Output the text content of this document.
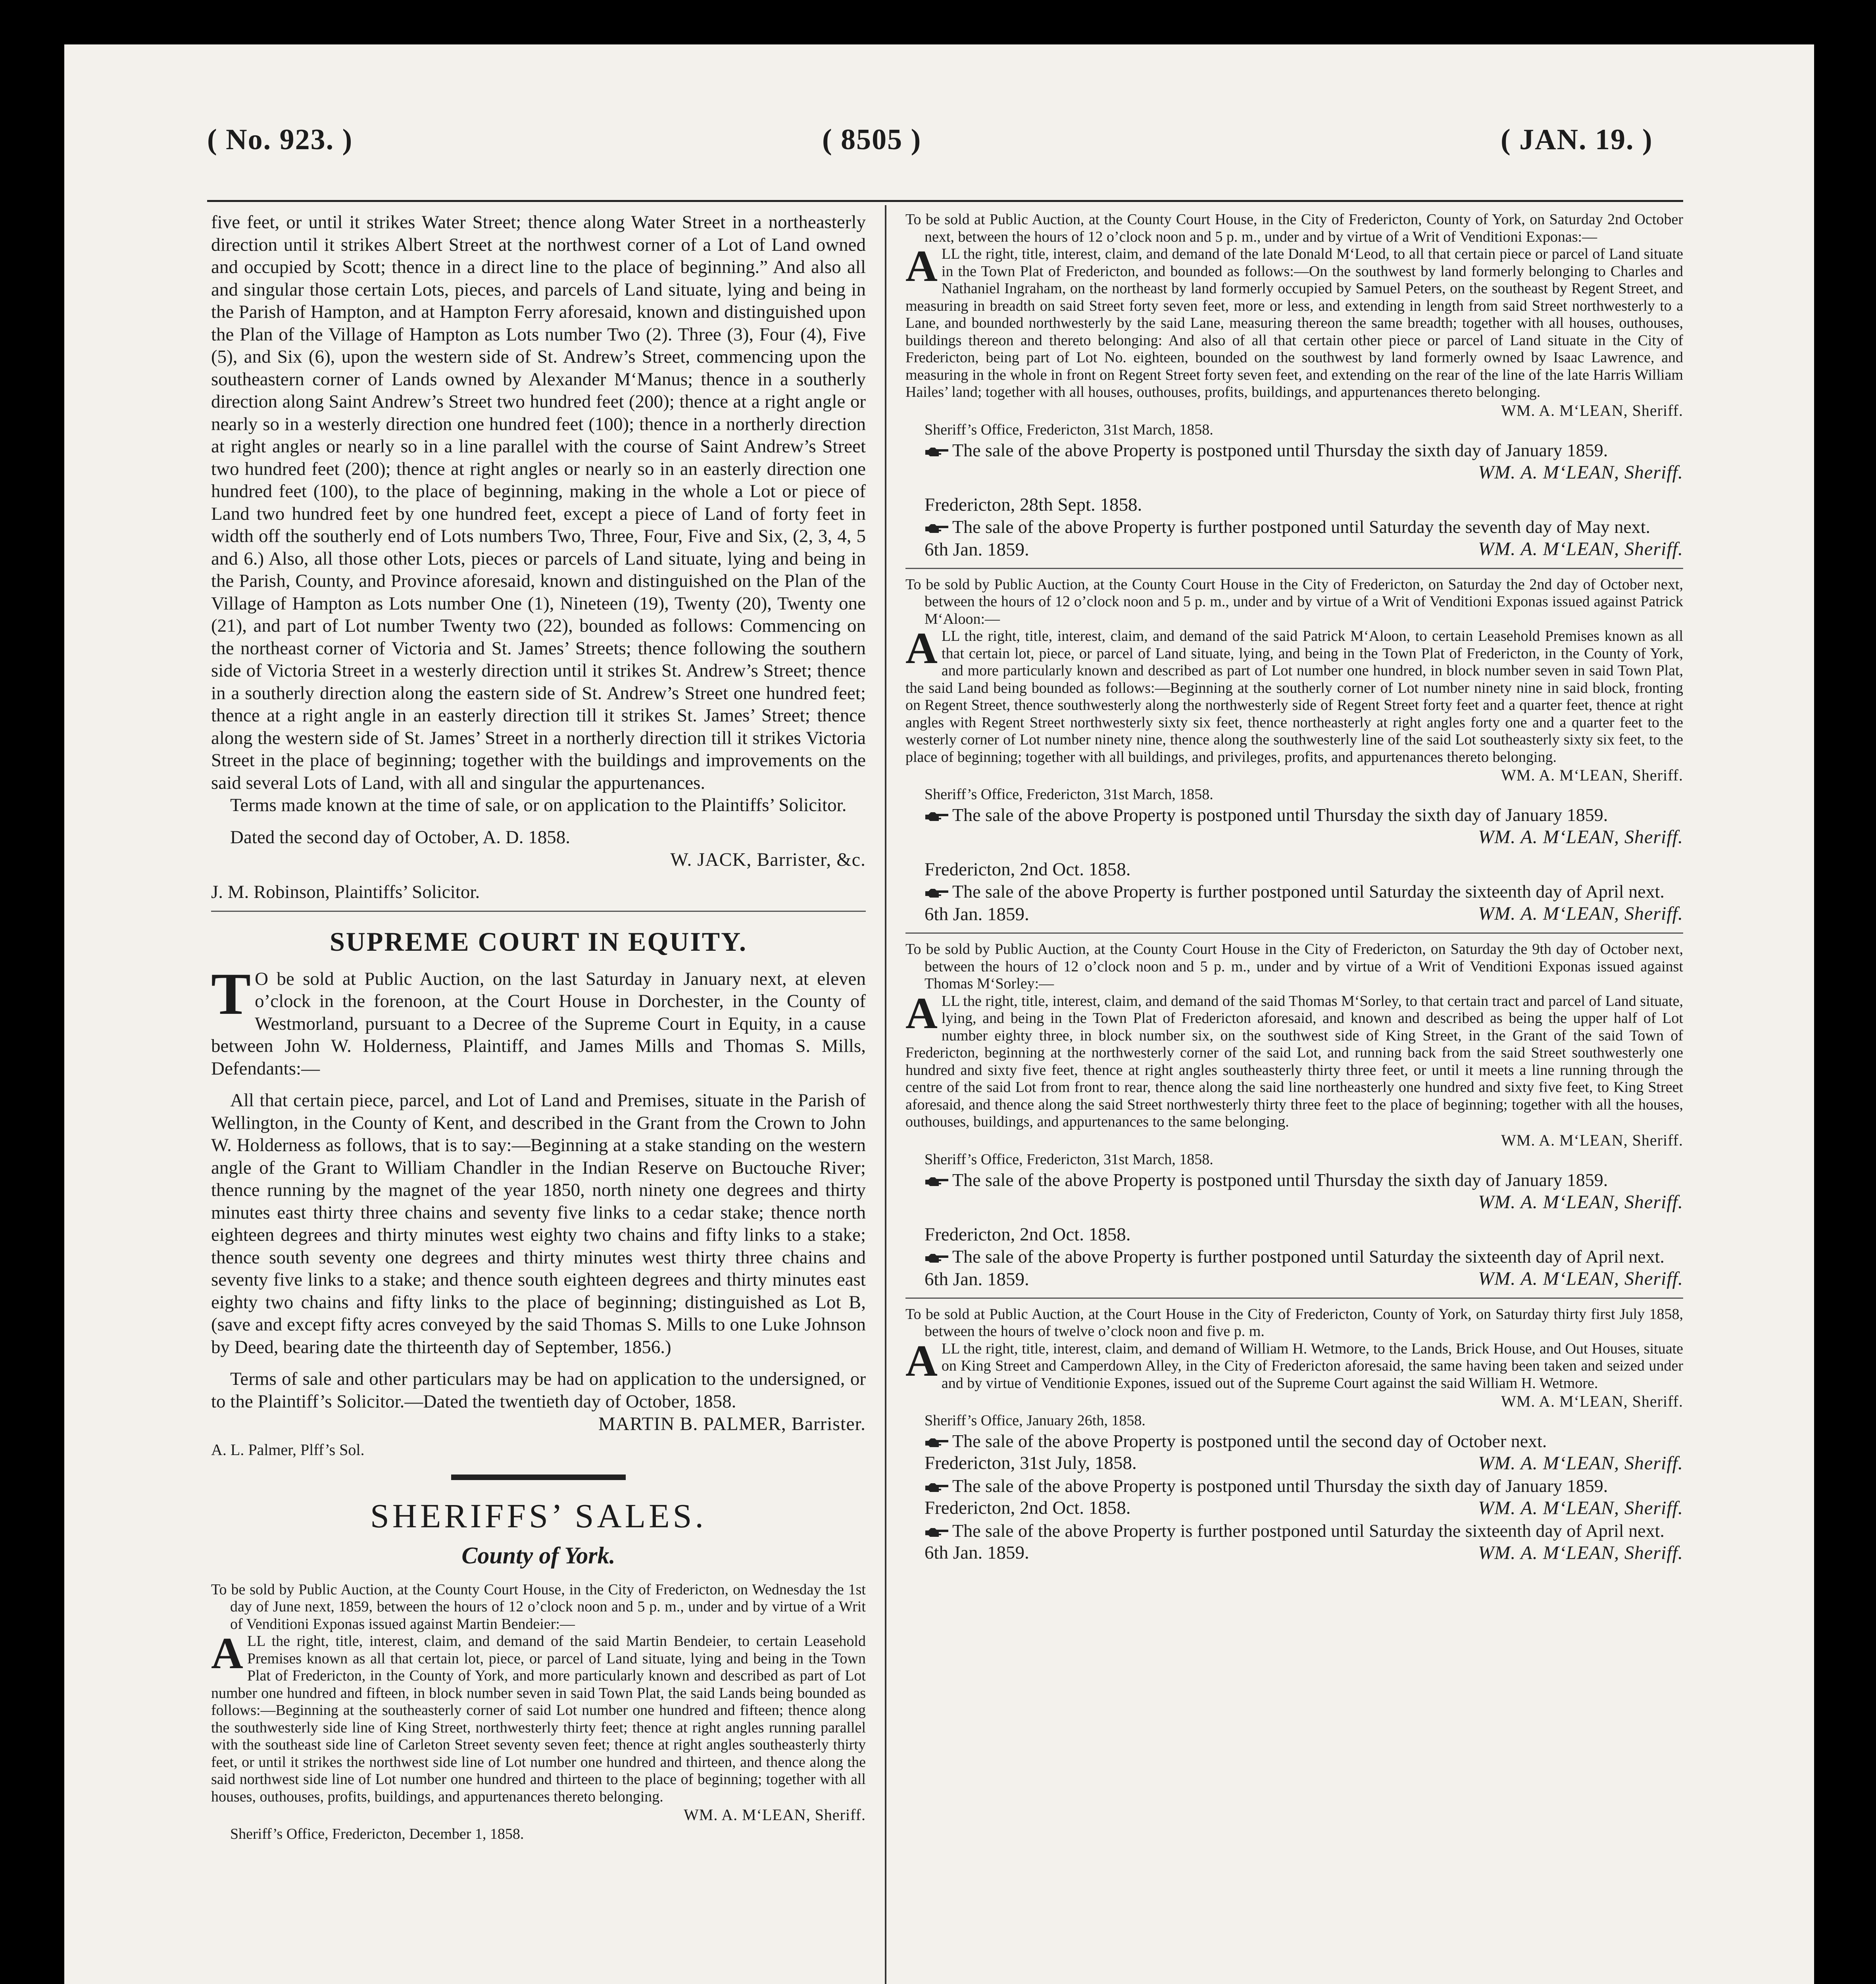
( No. 923. )	( 8505 )	( JAN. 19. )

five feet, or until it strikes Water Street; thence along Water Street in a northeasterly direction until it strikes Albert Street at the northwest corner of a Lot of Land owned and occupied by Scott; thence in a direct line to the place of beginning.” And also all and singular those certain Lots, pieces, and parcels of Land situate, lying and being in the Parish of Hampton, and at Hampton Ferry aforesaid, known and distinguished upon the Plan of the Village of Hampton as Lots number Two (2). Three (3), Four (4), Five (5), and Six (6), upon the western side of St. Andrew’s Street, commencing upon the southeastern corner of Lands owned by Alexander M‘Manus; thence in a southerly direction along Saint Andrew’s Street two hundred feet (200); thence at a right angle or nearly so in a westerly direction one hundred feet (100); thence in a northerly direction at right angles or nearly so in a line parallel with the course of Saint Andrew’s Street two hundred feet (200); thence at right angles or nearly so in an easterly direction one hundred feet (100), to the place of beginning, making in the whole a Lot or piece of Land two hundred feet by one hundred feet, except a piece of Land of forty feet in width off the southerly end of Lots numbers Two, Three, Four, Five and Six, (2, 3, 4, 5 and 6.) Also, all those other Lots, pieces or parcels of Land situate, lying and being in the Parish, County, and Province aforesaid, known and distinguished on the Plan of the Village of Hampton as Lots number One (1), Nineteen (19), Twenty (20), Twenty one (21), and part of Lot number Twenty two (22), bounded as follows: Commencing on the northeast corner of Victoria and St. James’ Streets; thence following the southern side of Victoria Street in a westerly direction until it strikes St. Andrew’s Street; thence in a southerly direction along the eastern side of St. Andrew’s Street one hundred feet; thence at a right angle in an easterly direction till it strikes St. James’ Street; thence along the western side of St. James’ Street in a northerly direction till it strikes Victoria Street in the place of beginning; together with the buildings and improvements on the said several Lots of Land, with all and singular the appurtenances.

Terms made known at the time of sale, or on application to the Plaintiffs’ Solicitor.

Dated the second day of October, A. D. 1858.

W. JACK, Barrister, &c.

J. M. Robinson, Plaintiffs’ Solicitor.

SUPREME COURT IN EQUITY.

T O be sold at Public Auction, on the last Saturday in January next, at eleven o’clock in the forenoon, at the Court House in Dorchester, in the County of Westmorland, pursuant to a Decree of the Supreme Court in Equity, in a cause between John W. Holderness, Plaintiff, and James Mills and Thomas S. Mills, Defendants:—

All that certain piece, parcel, and Lot of Land and Premises, situate in the Parish of Wellington, in the County of Kent, and described in the Grant from the Crown to John W. Holderness as follows, that is to say:—Beginning at a stake standing on the western angle of the Grant to William Chandler in the Indian Reserve on Buctouche River; thence running by the magnet of the year 1850, north ninety one degrees and thirty minutes east thirty three chains and seventy five links to a cedar stake; thence north eighteen degrees and thirty minutes west eighty two chains and fifty links to a stake; thence south seventy one degrees and thirty minutes west thirty three chains and seventy five links to a stake; and thence south eighteen degrees and thirty minutes east eighty two chains and fifty links to the place of beginning; distinguished as Lot B, (save and except fifty acres conveyed by the said Thomas S. Mills to one Luke Johnson by Deed, bearing date the thirteenth day of September, 1856.)

Terms of sale and other particulars may be had on application to the undersigned, or to the Plaintiff’s Solicitor.—Dated the twentieth day of October, 1858.

MARTIN B. PALMER, Barrister.

A. L. Palmer, Plff’s Sol.

SHERIFFS’ SALES.
County of York.

To be sold by Public Auction, at the County Court House, in the City of Fredericton, on Wednesday the 1st day of June next, 1859, between the hours of 12 o’clock noon and 5 p. m., under and by virtue of a Writ of Venditioni Exponas issued against Martin Bendeier:—

ALL the right, title, interest, claim, and demand of the said Martin Bendeier, to certain Leasehold Premises known as all that certain lot, piece, or parcel of Land situate, lying and being in the Town Plat of Fredericton, in the County of York, and more particularly known and described as part of Lot number one hundred and fifteen, in block number seven in said Town Plat, the said Lands being bounded as follows:—Beginning at the southeasterly corner of said Lot number one hundred and fifteen; thence along the southwesterly side line of King Street, northwesterly thirty feet; thence at right angles running parallel with the southeast side line of Carleton Street seventy seven feet; thence at right angles southeasterly thirty feet, or until it strikes the northwest side line of Lot number one hundred and thirteen, and thence along the said northwest side line of Lot number one hundred and thirteen to the place of beginning; together with all houses, outhouses, profits, buildings, and appurtenances thereto belonging.

WM. A. M‘LEAN, Sheriff.

Sheriff’s Office, Fredericton, December 1, 1858.

To be sold at Public Auction, at the County Court House, in the City of Fredericton, County of York, on Saturday 2nd October next, between the hours of 12 o’clock noon and 5 p. m., under and by virtue of a Writ of Venditioni Exponas:—

ALL the right, title, interest, claim, and demand of the late Donald M‘Leod, to all that certain piece or parcel of Land situate in the Town Plat of Fredericton, and bounded as follows:—On the southwest by land formerly belonging to Charles and Nathaniel Ingraham, on the northeast by land formerly occupied by Samuel Peters, on the southeast by Regent Street, and measuring in breadth on said Street forty seven feet, more or less, and extending in length from said Street northwesterly to a Lane, and bounded northwesterly by the said Lane, measuring thereon the same breadth; together with all houses, outhouses, buildings thereon and thereto belonging: And also of all that certain other piece or parcel of Land situate in the City of Fredericton, being part of Lot No. eighteen, bounded on the southwest by land formerly owned by Isaac Lawrence, and measuring in the whole in front on Regent Street forty seven feet, and extending on the rear of the line of the late Harris William Hailes’ land; together with all houses, outhouses, profits, buildings, and appurtenances thereto belonging.

WM. A. M‘LEAN, Sheriff.

Sheriff’s Office, Fredericton, 31st March, 1858.

The sale of the above Property is postponed until Thursday the sixth day of January 1859.

WM. A. M‘LEAN, Sheriff.

Fredericton, 28th Sept. 1858.

The sale of the above Property is further postponed until Saturday the seventh day of May next.

WM. A. M‘LEAN, Sheriff.

6th Jan. 1859.

To be sold by Public Auction, at the County Court House in the City of Fredericton, on Saturday the 2nd day of October next, between the hours of 12 o’clock noon and 5 p. m., under and by virtue of a Writ of Venditioni Exponas issued against Patrick M‘Aloon:—

ALL the right, title, interest, claim, and demand of the said Patrick M‘Aloon, to certain Leasehold Premises known as all that certain lot, piece, or parcel of Land situate, lying, and being in the Town Plat of Fredericton, in the County of York, and more particularly known and described as part of Lot number one hundred, in block number seven in said Town Plat, the said Land being bounded as follows:—Beginning at the southerly corner of Lot number ninety nine in said block, fronting on Regent Street, thence southwesterly along the northwesterly side of Regent Street forty feet and a quarter feet, thence at right angles with Regent Street northwesterly sixty six feet, thence northeasterly at right angles forty one and a quarter feet to the westerly corner of Lot number ninety nine, thence along the southwesterly line of the said Lot southeasterly sixty six feet, to the place of beginning; together with all buildings, and privileges, profits, and appurtenances thereto belonging.

WM. A. M‘LEAN, Sheriff.

Sheriff’s Office, Fredericton, 31st March, 1858.

The sale of the above Property is postponed until Thursday the sixth day of January 1859.

WM. A. M‘LEAN, Sheriff.

Fredericton, 2nd Oct. 1858.

The sale of the above Property is further postponed until Saturday the sixteenth day of April next.

WM. A. M‘LEAN, Sheriff.

6th Jan. 1859.

To be sold by Public Auction, at the County Court House in the City of Fredericton, on Saturday the 9th day of October next, between the hours of 12 o’clock noon and 5 p. m., under and by virtue of a Writ of Venditioni Exponas issued against Thomas M‘Sorley:—

ALL the right, title, interest, claim, and demand of the said Thomas M‘Sorley, to that certain tract and parcel of Land situate, lying, and being in the Town Plat of Fredericton aforesaid, and known and described as being the upper half of Lot number eighty three, in block number six, on the southwest side of King Street, in the Grant of the said Town of Fredericton, beginning at the northwesterly corner of the said Lot, and running back from the said Street southwesterly one hundred and sixty five feet, thence at right angles southeasterly thirty three feet, or until it meets a line running through the centre of the said Lot from front to rear, thence along the said line northeasterly one hundred and sixty five feet, to King Street aforesaid, and thence along the said Street northwesterly thirty three feet to the place of beginning; together with all the houses, outhouses, buildings, and appurtenances to the same belonging.

WM. A. M‘LEAN, Sheriff.

Sheriff’s Office, Fredericton, 31st March, 1858.

The sale of the above Property is postponed until Thursday the sixth day of January 1859.

WM. A. M‘LEAN, Sheriff.

Fredericton, 2nd Oct. 1858.

The sale of the above Property is further postponed until Saturday the sixteenth day of April next.

WM. A. M‘LEAN, Sheriff.

6th Jan. 1859.

To be sold at Public Auction, at the Court House in the City of Fredericton, County of York, on Saturday thirty first July 1858, between the hours of twelve o’clock noon and five p. m.

ALL the right, title, interest, claim, and demand of William H. Wetmore, to the Lands, Brick House, and Out Houses, situate on King Street and Camperdown Alley, in the City of Fredericton aforesaid, the same having been taken and seized under and by virtue of Venditionie Expones, issued out of the Supreme Court against the said William H. Wetmore.

WM. A. M‘LEAN, Sheriff.

Sheriff’s Office, January 26th, 1858.

The sale of the above Property is postponed until the second day of October next.

Fredericton, 31st July, 1858.	WM. A. M‘LEAN, Sheriff.

The sale of the above Property is postponed until Thursday the sixth day of January 1859.

Fredericton, 2nd Oct. 1858.	WM. A. M‘LEAN, Sheriff.

The sale of the above Property is further postponed until Saturday the sixteenth day of April next.

6th Jan. 1859.	WM. A. M‘LEAN, Sheriff.
